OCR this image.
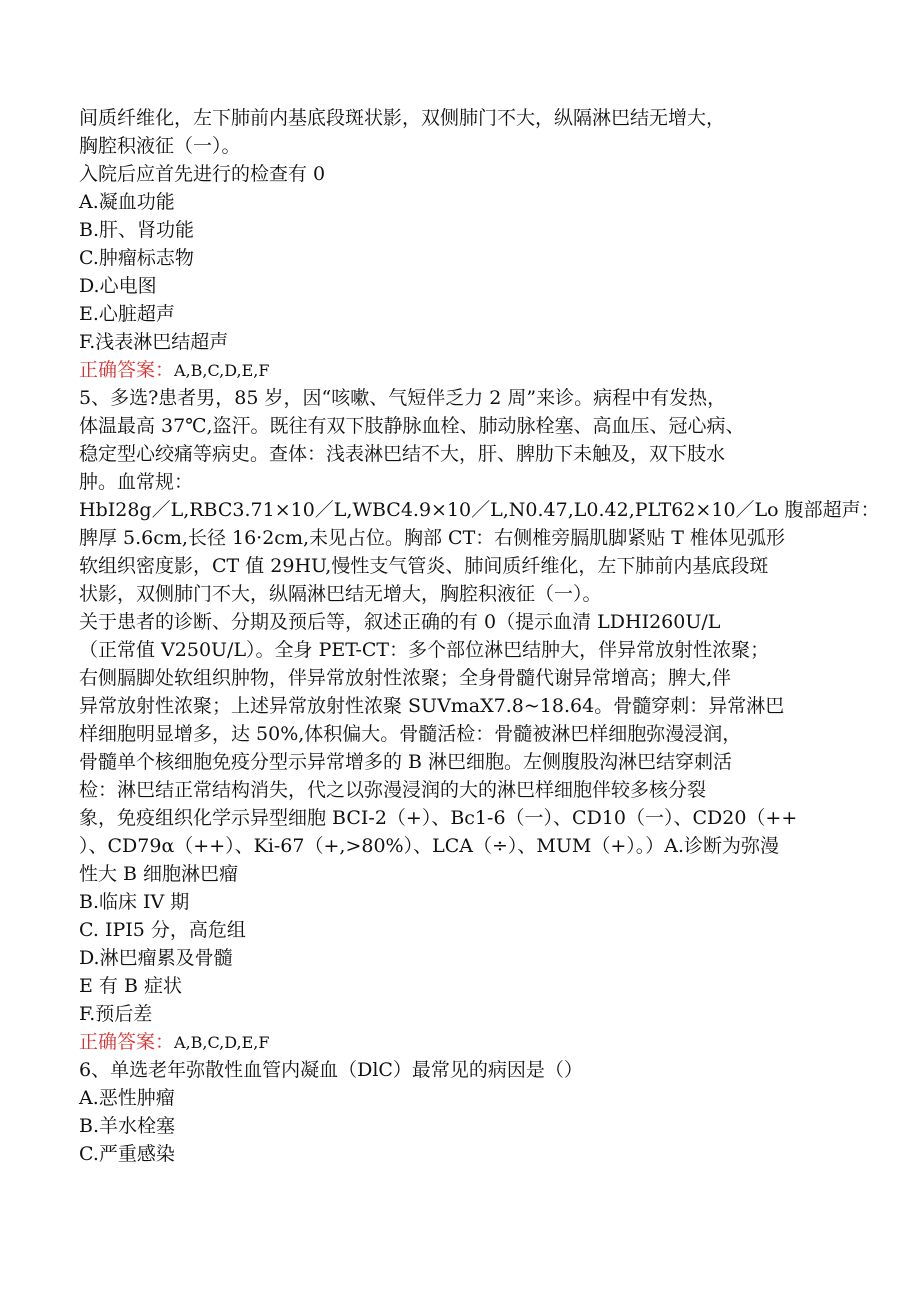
间质纤维化，左下肺前内基底段斑状影，双侧肺门不大，纵隔淋巴结无增大，
胸腔积液征（一）。
入院后应首先进行的检查有 0
A.凝血功能
B.肝、肾功能
C.肿瘤标志物
D.心电图
E.心脏超声
F.浅表淋巴结超声
正确答案：A,B,C,D,E,F
5、多选?患者男，85 岁，因“咳嗽、气短伴乏力 2 周”来诊。病程中有发热，
体温最高 37℃,盗汗。既往有双下肢静脉血栓、肺动脉栓塞、高血压、冠心病、
稳定型心绞痛等病史。查体：浅表淋巴结不大，肝、脾肋下未触及，双下肢水
肿。血常规：
HbI28g／L,RBC3.71×10／L,WBC4.9×10／L,N0.47,L0.42,PLT62×10／Lo 腹部超声：
脾厚 5.6cm,长径 16·2cm,未见占位。胸部 CT：右侧椎旁膈肌脚紧贴 T 椎体见弧形
软组织密度影，CT 值 29HU,慢性支气管炎、肺间质纤维化，左下肺前内基底段斑
状影，双侧肺门不大，纵隔淋巴结无增大，胸腔积液征（一）。
关于患者的诊断、分期及预后等，叙述正确的有 0（提示血清 LDHI260U/L
（正常值 V250U/L）。全身 PET-CT：多个部位淋巴结肿大，伴异常放射性浓聚；
右侧膈脚处软组织肿物，伴异常放射性浓聚；全身骨髓代谢异常增高；脾大,伴
异常放射性浓聚；上述异常放射性浓聚 SUVmaX7.8~18.64。骨髓穿刺：异常淋巴
样细胞明显增多，达 50%,体积偏大。骨髓活检：骨髓被淋巴样细胞弥漫浸润，
骨髓单个核细胞免疫分型示异常增多的 B 淋巴细胞。左侧腹股沟淋巴结穿刺活
检：淋巴结正常结构消失，代之以弥漫浸润的大的淋巴样细胞伴较多核分裂
象，免疫组织化学示异型细胞 BCI-2（+）、Bc1-6（一）、CD10（一）、CD20（++
）、CD79α（++）、Ki-67（+,>80%）、LCA（÷）、MUM（+）。）A.诊断为弥漫
性大 B 细胞淋巴瘤
B.临床 IV 期
C. IPI5 分，高危组
D.淋巴瘤累及骨髓
E 有 B 症状
F.预后差
正确答案：A,B,C,D,E,F
6、单选老年弥散性血管内凝血（DlC）最常见的病因是（）
A.恶性肿瘤
B.羊水栓塞
C.严重感染
